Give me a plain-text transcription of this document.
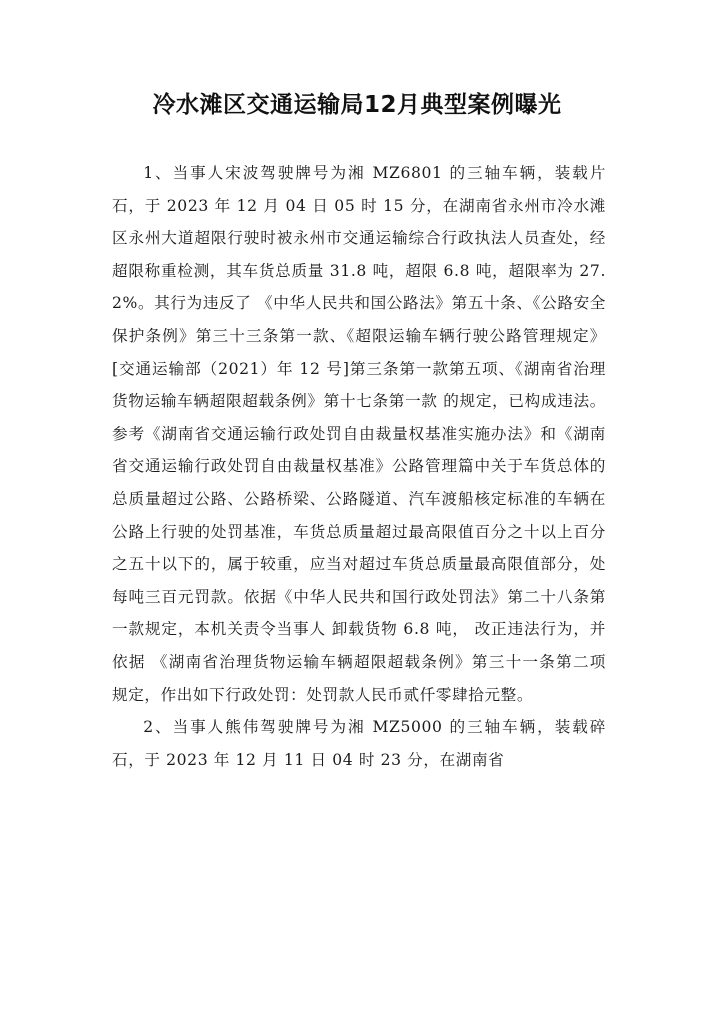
冷水滩区交通运输局12月典型案例曝光

1、当事人宋波驾驶牌号为湘 MZ6801 的三轴车辆，装载片石，于 2023 年 12 月 04 日 05 时 15 分，在湖南省永州市冷水滩区永州大道超限行驶时被永州市交通运输综合行政执法人员查处，经超限称重检测，其车货总质量 31.8 吨，超限 6.8 吨，超限率为 27.2%。其行为违反了 《中华人民共和国公路法》第五十条、《公路安全保护条例》第三十三条第一款、《超限运输车辆行驶公路管理规定》[交通运输部（2021）年 12 号]第三条第一款第五项、《湖南省治理货物运输车辆超限超载条例》第十七条第一款 的规定，已构成违法。参考《湖南省交通运输行政处罚自由裁量权基准实施办法》和《湖南省交通运输行政处罚自由裁量权基准》公路管理篇中关于车货总体的总质量超过公路、公路桥梁、公路隧道、汽车渡船核定标准的车辆在公路上行驶的处罚基准，车货总质量超过最高限值百分之十以上百分之五十以下的，属于较重，应当对超过车货总质量最高限值部分，处每吨三百元罚款。依据《中华人民共和国行政处罚法》第二十八条第一款规定，本机关责令当事人 卸载货物 6.8 吨， 改正违法行为，并依据 《湖南省治理货物运输车辆超限超载条例》第三十一条第二项 规定，作出如下行政处罚：处罚款人民币贰仟零肆拾元整。

2、当事人熊伟驾驶牌号为湘 MZ5000 的三轴车辆，装载碎石，于 2023 年 12 月 11 日 04 时 23 分，在湖南省
